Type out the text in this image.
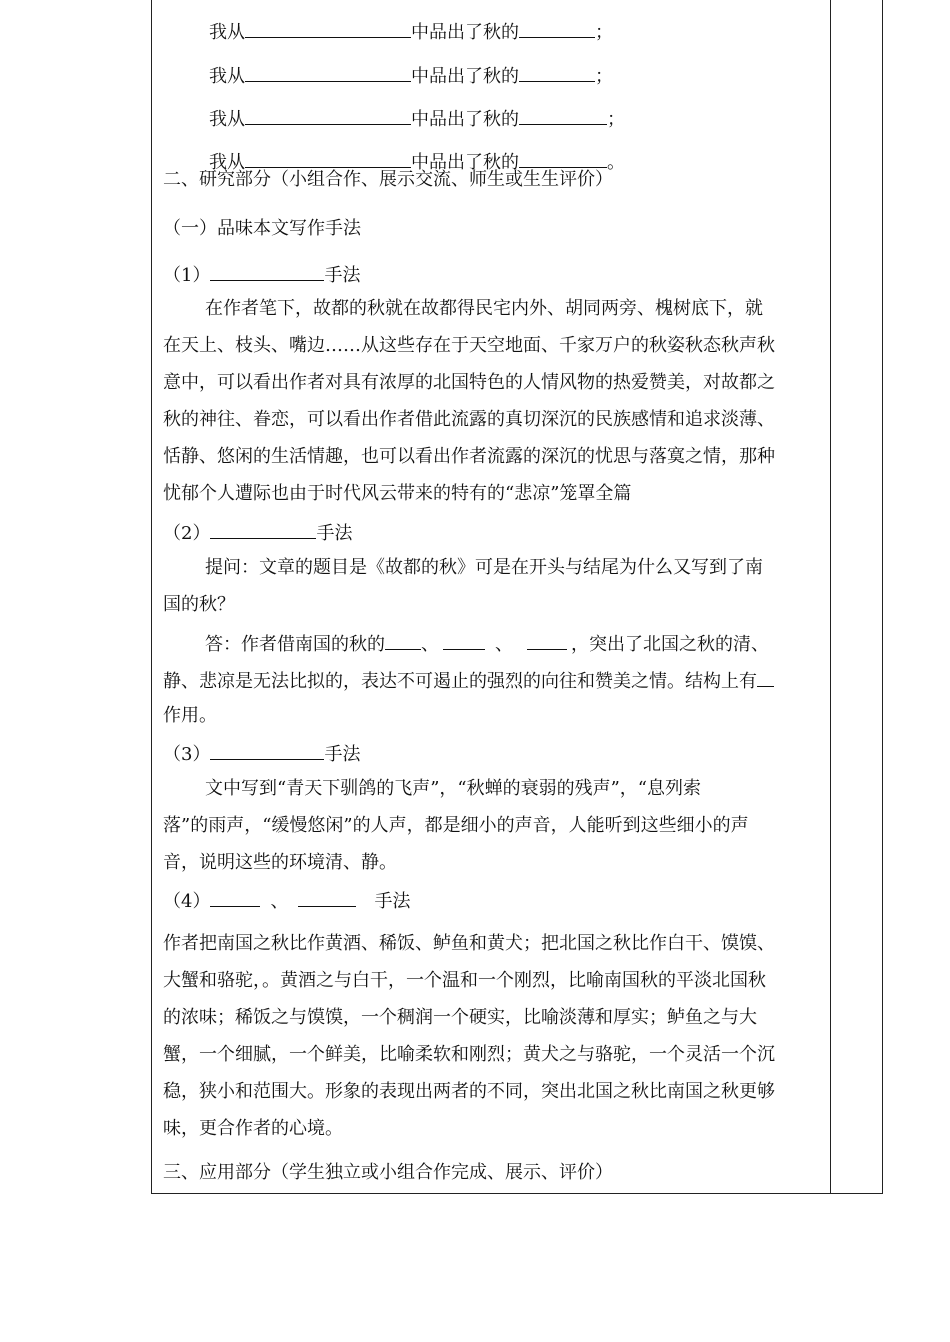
我从	中品出了秋的	；
我从	中品出了秋的	；
我从	中品出了秋的	；
我从	中品出了秋的	。
二、研究部分（小组合作、展示交流、师生或生生评价）
（一）品味本文写作手法
（1）	手法
在作者笔下，故都的秋就在故都得民宅内外、胡同两旁、槐树底下，就
在天上、枝头、嘴边……从这些存在于天空地面、千家万户的秋姿秋态秋声秋
意中，可以看出作者对具有浓厚的北国特色的人情风物的热爱赞美，对故都之
秋的神往、眷恋，可以看出作者借此流露的真切深沉的民族感情和追求淡薄、
恬静、悠闲的生活情趣，也可以看出作者流露的深沉的忧思与落寞之情，那种
忧郁个人遭际也由于时代风云带来的特有的“悲凉”笼罩全篇
（2）	手法
提问：文章的题目是《故都的秋》可是在开头与结尾为什么又写到了南
国的秋？
答：作者借南国的秋的 、	、	，突出了北国之秋的清、
静、悲凉是无法比拟的，表达不可遏止的强烈的向往和赞美之情。结构上有
作用。
（3）	手法
文中写到“青天下驯鸽的飞声”，“秋蝉的衰弱的残声”，“息列索
落”的雨声，“缓慢悠闲”的人声，都是细小的声音，人能听到这些细小的声
音，说明这些的环境清、静。
（4）	、	手法
作者把南国之秋比作黄酒、稀饭、鲈鱼和黄犬；把北国之秋比作白干、馍馍、
大蟹和骆驼，。黄酒之与白干，一个温和一个刚烈，比喻南国秋的平淡北国秋
的浓味；稀饭之与馍馍，一个稠润一个硬实，比喻淡薄和厚实；鲈鱼之与大
蟹，一个细腻，一个鲜美，比喻柔软和刚烈；黄犬之与骆驼，一个灵活一个沉
稳，狭小和范围大。形象的表现出两者的不同，突出北国之秋比南国之秋更够
味，更合作者的心境。
三、应用部分（学生独立或小组合作完成、展示、评价）
